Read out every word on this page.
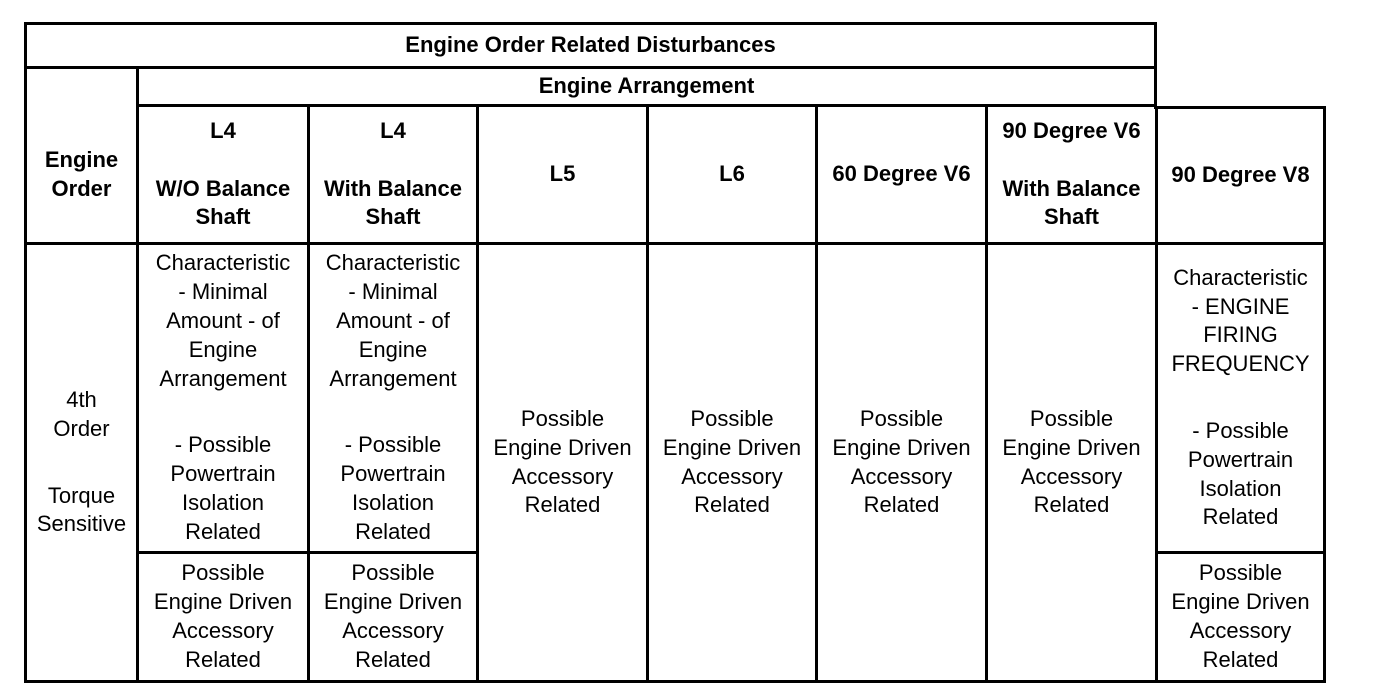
Engine Order Related Disturbances
Engine Arrangement
Engine
Order
L4
W/O Balance
Shaft
L4
With Balance
Shaft
L5	L6	60 Degree V6
90 Degree V6
With Balance
Shaft
90 Degree V8
4th
Order
Torque
Sensitive
Characteristic
- Minimal
Amount - of
Engine
Arrangement
- Possible
Powertrain
Isolation
Related
Characteristic
- Minimal
Amount - of
Engine
Arrangement
- Possible
Powertrain
Isolation
Related
Possible
Engine Driven
Accessory
Related
Possible
Engine Driven
Accessory
Related
Possible
Engine Driven
Accessory
Related
Possible
Engine Driven
Accessory
Related
Possible
Engine Driven
Accessory
Related
Possible
Engine Driven
Accessory
Related
Characteristic
- ENGINE
FIRING
FREQUENCY
- Possible
Powertrain
Isolation
Related
Possible
Engine Driven
Accessory
Related
